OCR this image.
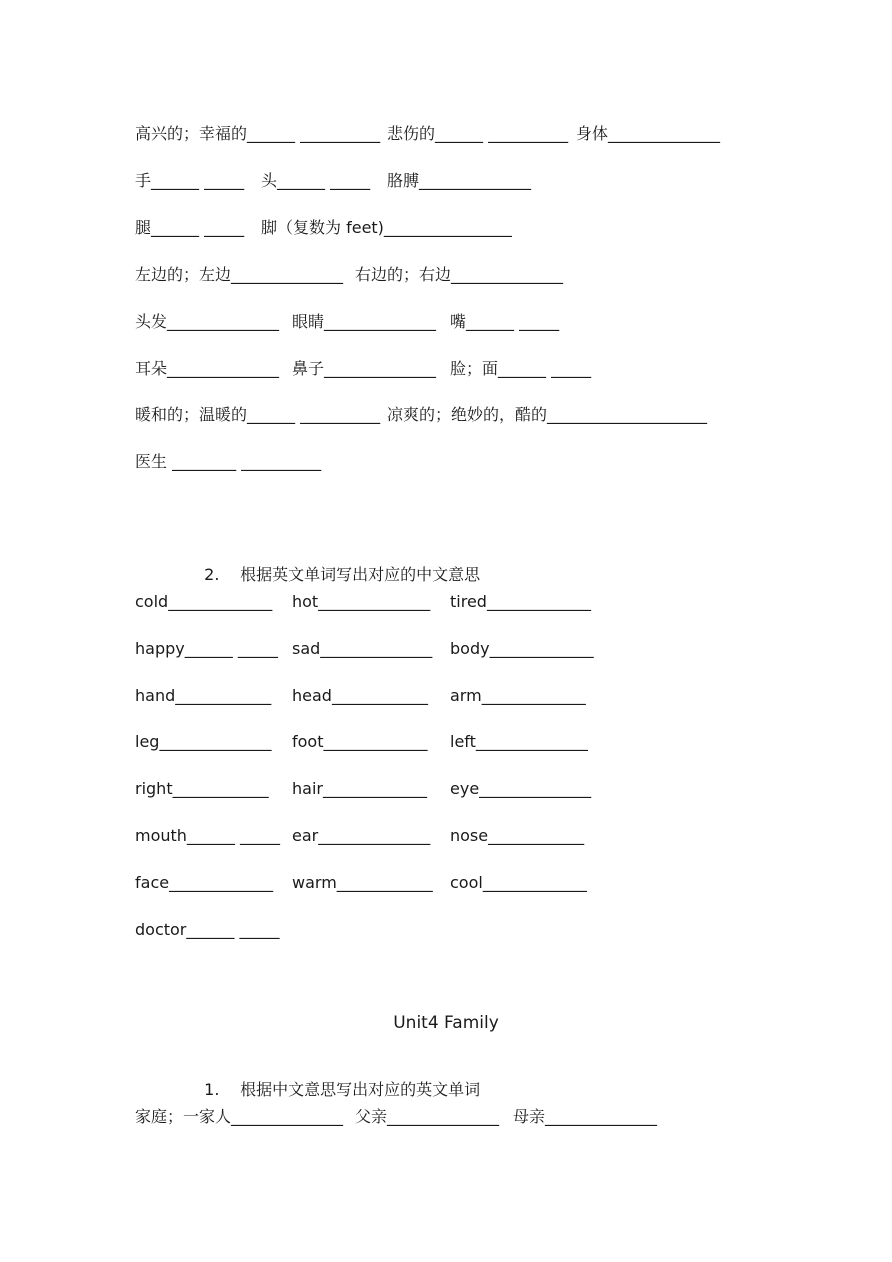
高兴的；幸福的______ __________ 悲伤的______ __________ 身体______________
手______ _____ 头______ _____ 胳膊______________
腿______ _____ 脚（复数为 feet)________________
左边的；左边______________ 右边的；右边______________
头发______________ 眼睛______________ 嘴______ _____
耳朵______________ 鼻子______________ 脸；面______ _____
暖和的；温暖的______ __________ 凉爽的；绝妙的，酷的____________________
医生 ________ __________

2. 根据英文单词写出对应的中文意思

cold_____________ hot______________ tired_____________
happy______ _____ sad______________ body_____________
hand____________ head____________ arm_____________
leg______________ foot_____________ left______________
right____________ hair_____________ eye______________
mouth______ _____ ear______________ nose____________
face_____________ warm____________ cool_____________
doctor______ _____
Unit4 Family

1. 根据中文意思写出对应的英文单词

家庭；一家人______________ 父亲______________ 母亲______________
